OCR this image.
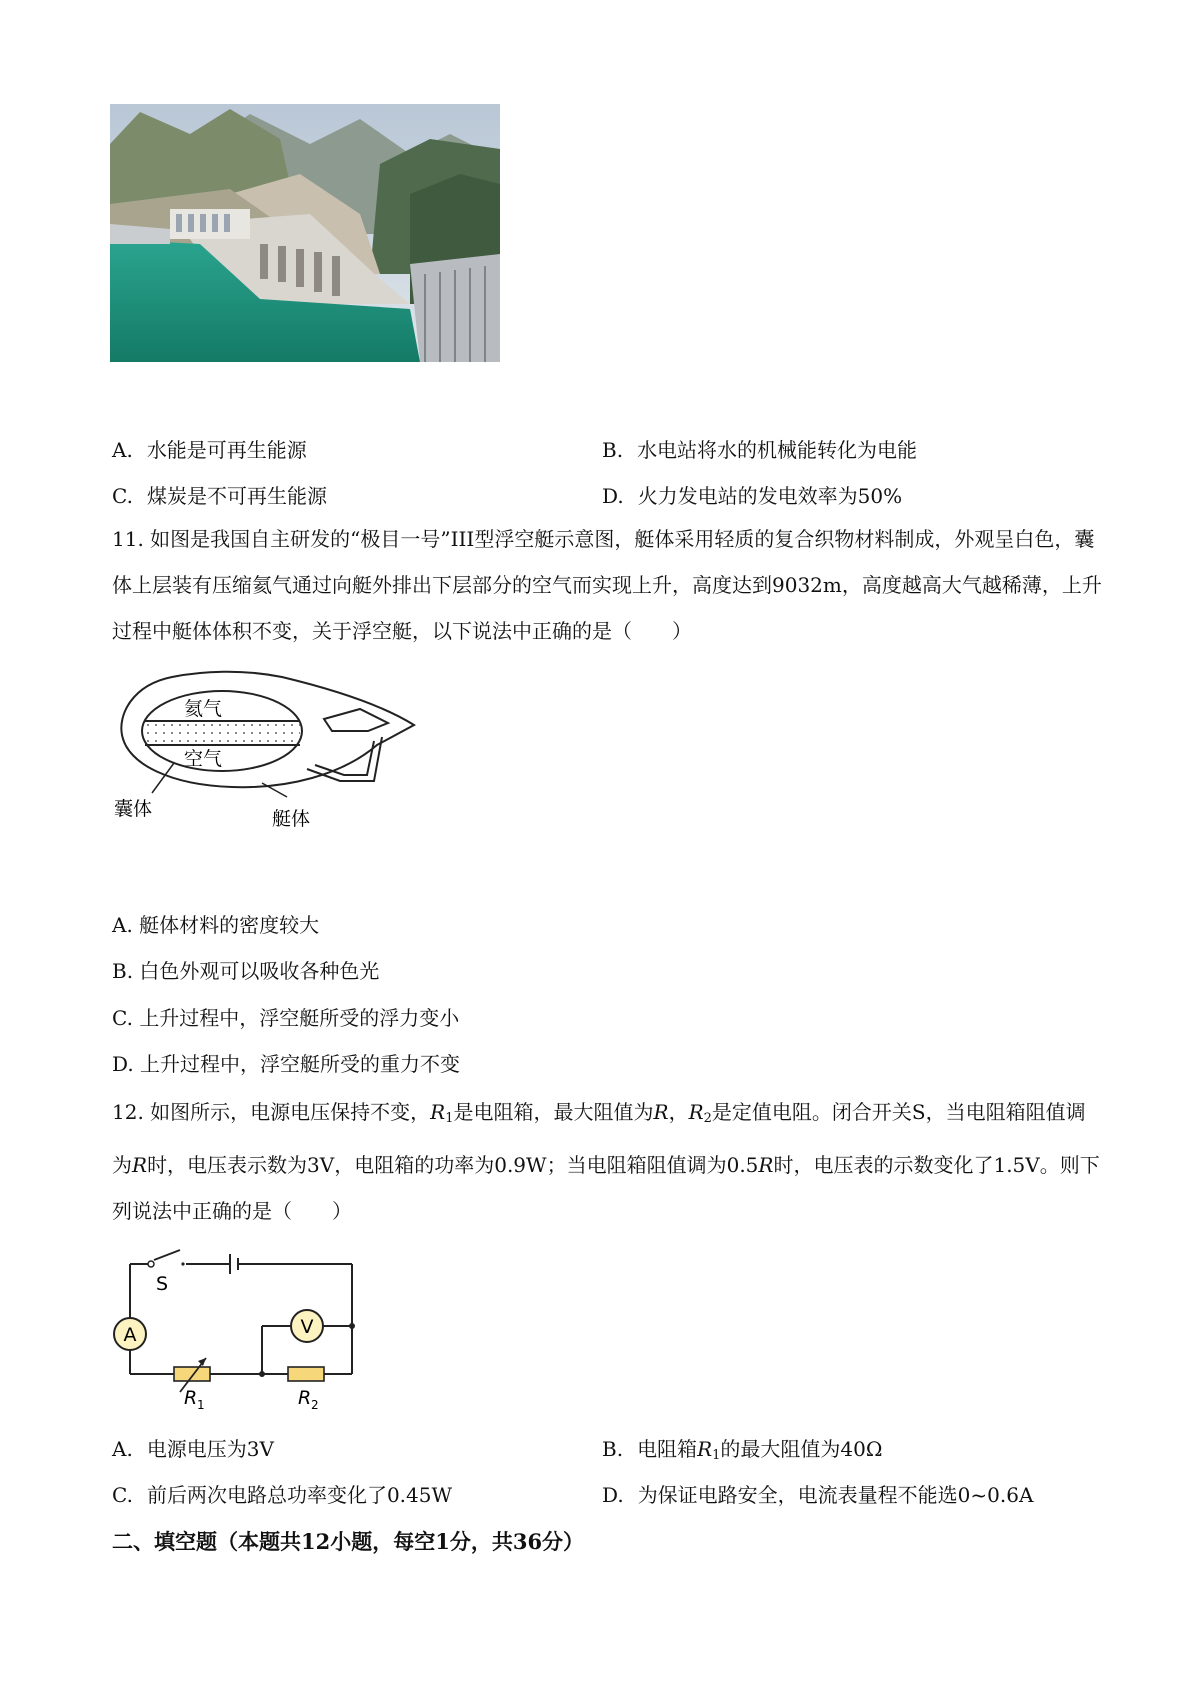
A. 水能是可再生能源	B. 水电站将水的机械能转化为电能
C. 煤炭是不可再生能源	D. 火力发电站的发电效率为50%
11. 如图是我国自主研发的“极目一号”III型浮空艇示意图，艇体采用轻质的复合织物材料制成，外观呈白色，囊体上层装有压缩氦气通过向艇外排出下层部分的空气而实现上升，高度达到9032m，高度越高大气越稀薄，上升过程中艇体体积不变，关于浮空艇，以下说法中正确的是（　　）
氦气
空气
囊体	艇体
A. 艇体材料的密度较大
B. 白色外观可以吸收各种色光
C. 上升过程中，浮空艇所受的浮力变小
D. 上升过程中，浮空艇所受的重力不变
12. 如图所示，电源电压保持不变，$R_1$是电阻箱，最大阻值为R，$R_2$是定值电阻。闭合开关S，当电阻箱阻值调为R时，电压表示数为3V，电阻箱的功率为0.9W；当电阻箱阻值调为0.5R时，电压表的示数变化了1.5V。则下列说法中正确的是（　　）
A	V
S
R 1	R 2
A. 电源电压为3V	B. 电阻箱$R_1$的最大阻值为40Ω
C. 前后两次电路总功率变化了0.45W	D. 为保证电路安全，电流表量程不能选0~0.6A
二、填空题（本题共12小题，每空1分，共36分）
